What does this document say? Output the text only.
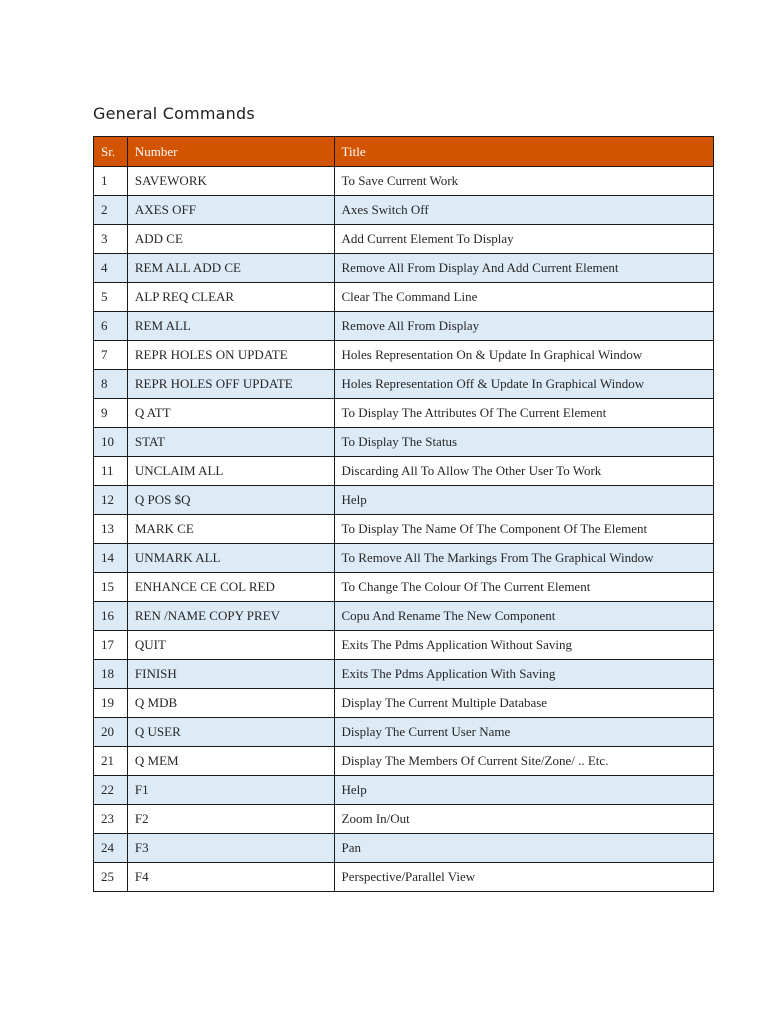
General Commands
Sr.	Number	Title
1	SAVEWORK	To Save Current Work
2	AXES OFF	Axes Switch Off
3	ADD CE	Add Current Element To Display
4	REM ALL ADD CE	Remove All From Display And Add Current Element
5	ALP REQ CLEAR	Clear The Command Line
6	REM ALL	Remove All From Display
7	REPR HOLES ON UPDATE	Holes Representation On & Update In Graphical Window
8	REPR HOLES OFF UPDATE	Holes Representation Off & Update In Graphical Window
9	Q ATT	To Display The Attributes Of The Current Element
10	STAT	To Display The Status
11	UNCLAIM ALL	Discarding All To Allow The Other User To Work
12	Q POS $Q	Help
13	MARK CE	To Display The Name Of The Component Of The Element
14	UNMARK ALL	To Remove All The Markings From The Graphical Window
15	ENHANCE CE COL RED	To Change The Colour Of The Current Element
16	REN /NAME COPY PREV	Copu And Rename The New Component
17	QUIT	Exits The Pdms Application Without Saving
18	FINISH	Exits The Pdms Application With Saving
19	Q MDB	Display The Current Multiple Database
20	Q USER	Display The Current User Name
21	Q MEM	Display The Members Of Current Site/Zone/ .. Etc.
22	F1	Help
23	F2	Zoom In/Out
24	F3	Pan
25	F4	Perspective/Parallel View
